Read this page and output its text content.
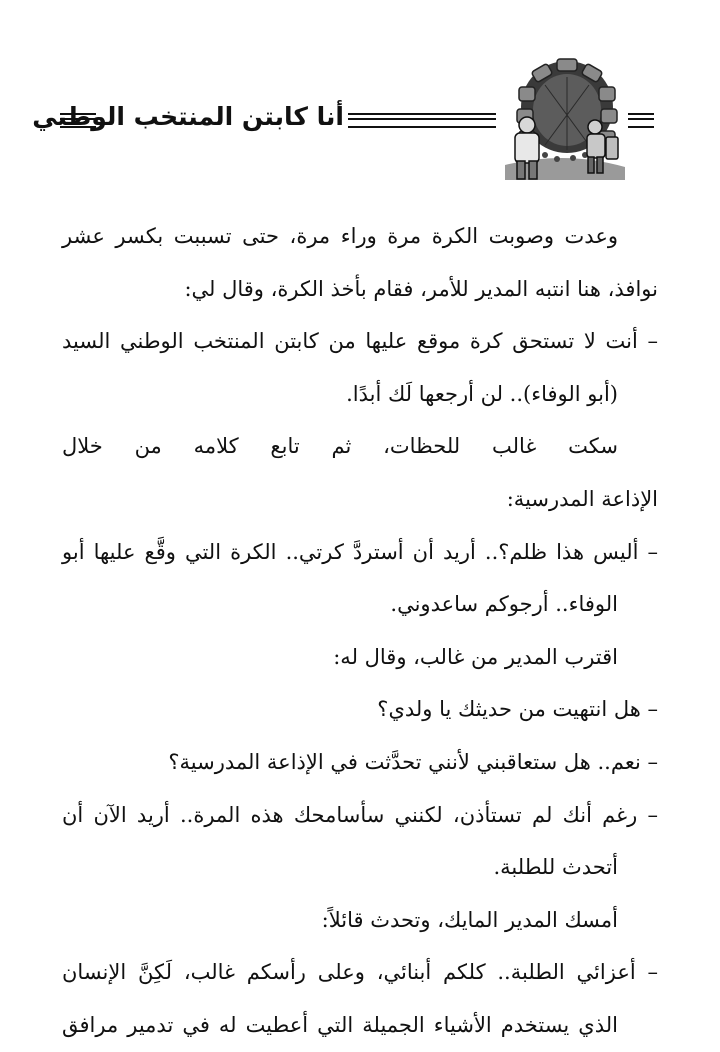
أنا كابتن المنتخب الوطني
وعدت وصوبت الكرة مرة وراء مرة، حتى تسببت بكسر عشر
نوافذ، هنا انتبه المدير للأمر، فقام بأخذ الكرة، وقال لي:
– أنت لا تستحق كرة موقع عليها من كابتن المنتخب الوطني السيد
(أبو الوفاء).. لن أرجعها لَك أبدًا.
سكت غالب للحظات، ثم تابع كلامه من خلال
الإذاعة المدرسية:
– أليس هذا ظلم؟.. أريد أن أستردَّ كرتي.. الكرة التي وقَّع عليها أبو
الوفاء.. أرجوكم ساعدوني.
اقترب المدير من غالب، وقال له:
– هل انتهيت من حديثك يا ولدي؟
– نعم.. هل ستعاقبني لأنني تحدَّثت في الإذاعة المدرسية؟
– رغم أنك لم تستأذن، لكنني سأسامحك هذه المرة.. أريد الآن أن
أتحدث للطلبة.
أمسك المدير المايك، وتحدث قائلاً:
– أعزائي الطلبة.. كلكم أبنائي، وعلى رأسكم غالب، لَكِنَّ الإنسان
الذي يستخدم الأشياء الجميلة التي أعطيت له في تدمير مرافق
